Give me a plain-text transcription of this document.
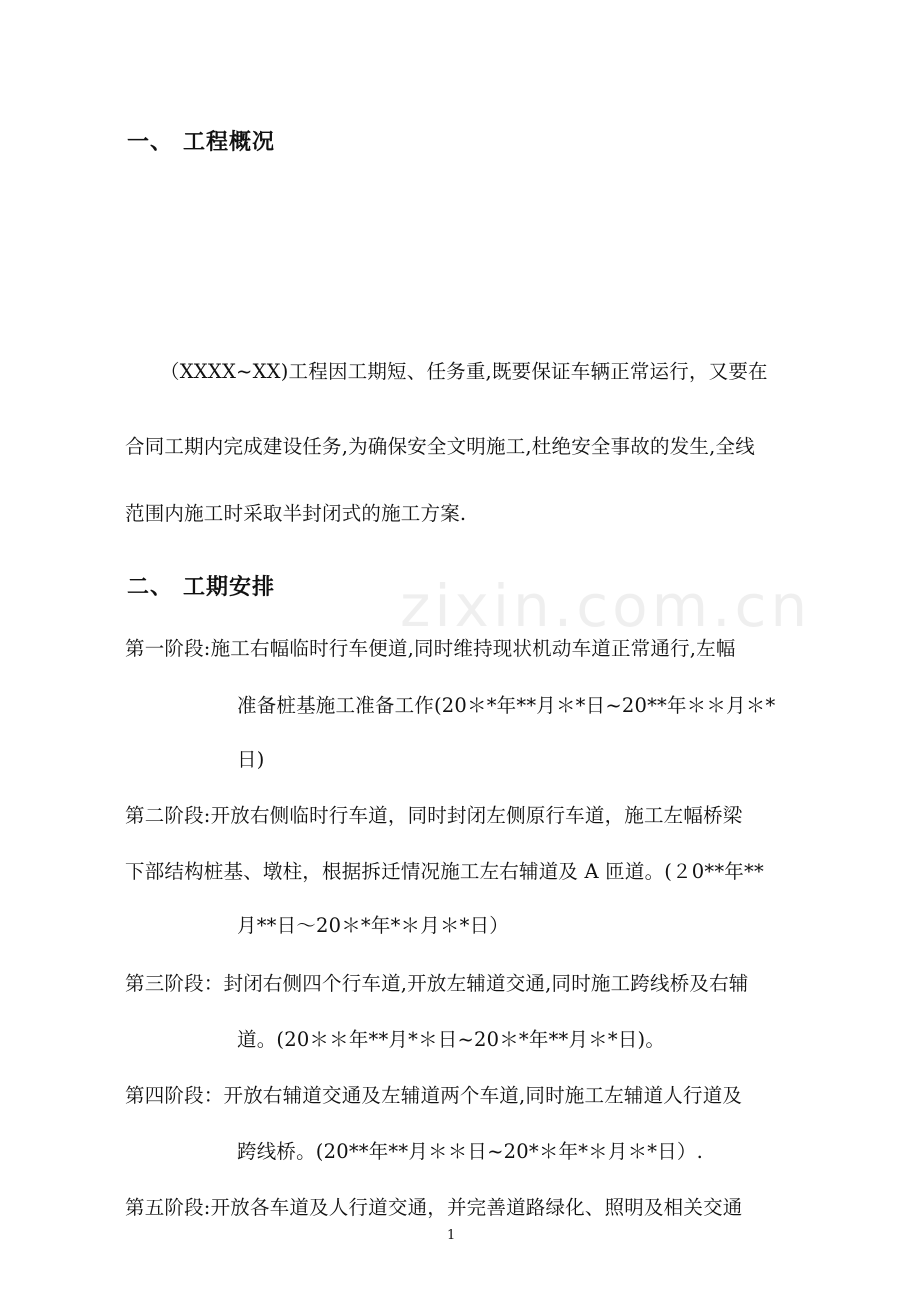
zixin.com.cn
一、 工程概况
（XXXX~XX)工程因工期短、任务重,既要保证车辆正常运行，又要在
合同工期内完成建设任务,为确保安全文明施工,杜绝安全事故的发生,全线
范围内施工时采取半封闭式的施工方案.
二、 工期安排
第一阶段:施工右幅临时行车便道,同时维持现状机动车道正常通行,左幅
准备桩基施工准备工作(20＊*年**月＊*日~20**年＊＊月＊*
日)
第二阶段:开放右侧临时行车道，同时封闭左侧原行车道，施工左幅桥梁
下部结构桩基、墩柱，根据拆迁情况施工左右辅道及 A 匝道。(２0**年**
月**日～20＊*年*＊月＊*日）
第三阶段：封闭右侧四个行车道,开放左辅道交通,同时施工跨线桥及右辅
道。(20＊＊年**月*＊日~20＊*年**月＊*日)。
第四阶段：开放右辅道交通及左辅道两个车道,同时施工左辅道人行道及
跨线桥。(20**年**月＊＊日~20*＊年*＊月＊*日）.
第五阶段:开放各车道及人行道交通，并完善道路绿化、照明及相关交通
1
